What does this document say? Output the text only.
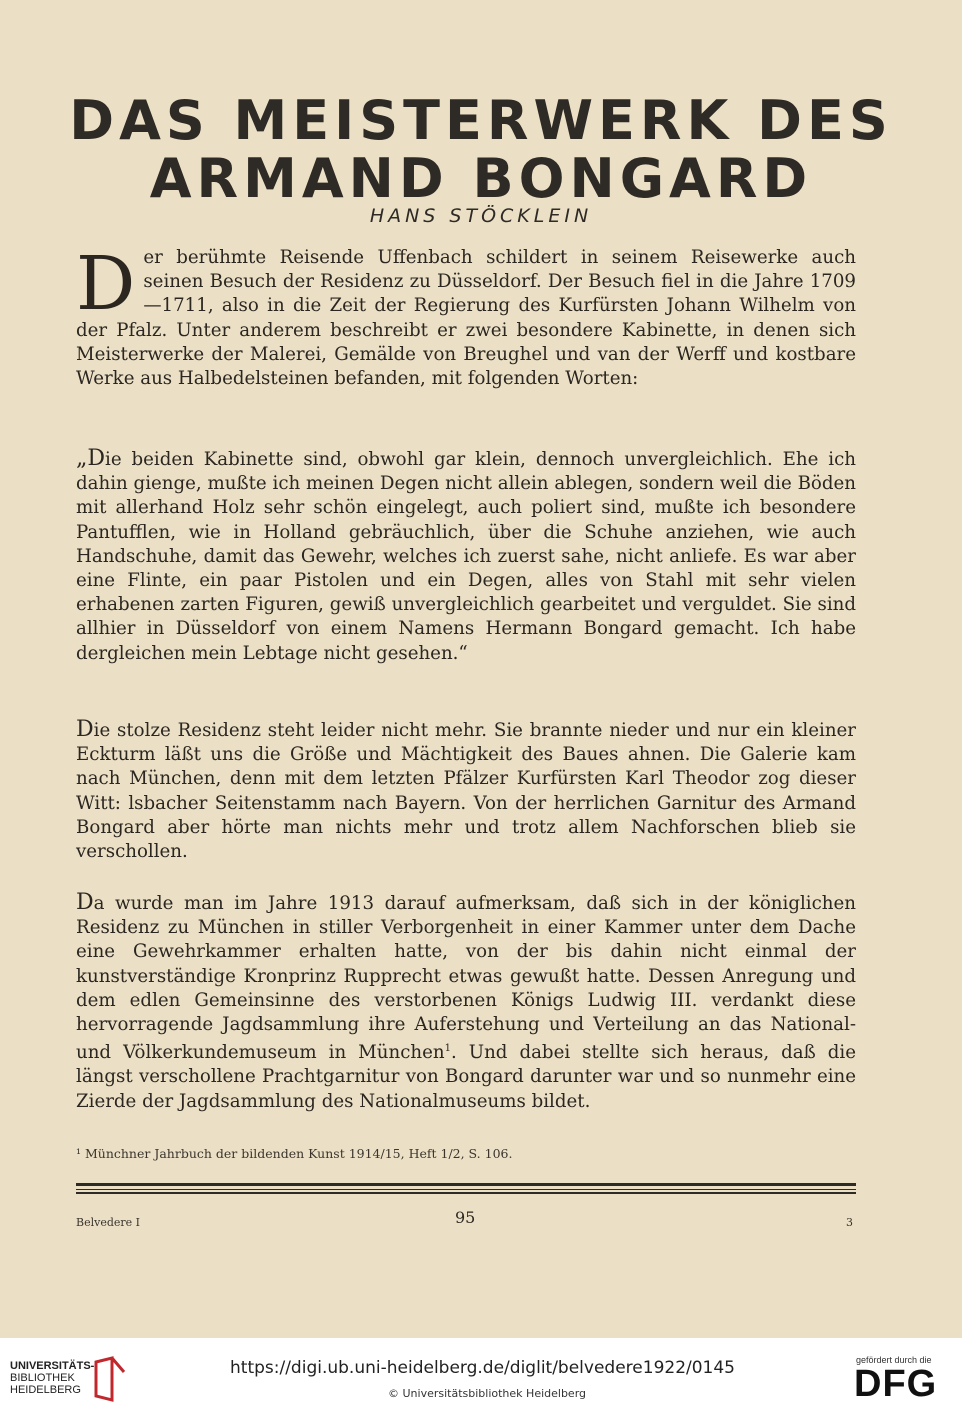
DAS MEISTERWERK DES
ARMAND BONGARD
HANS STÖCKLEIN
Der berühmte Reisende Uffenbach schildert in seinem Reisewerke auch seinen Besuch der Residenz zu Düsseldorf. Der Besuch fiel in die Jahre 1709—1711, also in die Zeit der Regierung des Kurfürsten Johann Wilhelm von der Pfalz. Unter anderem beschreibt er zwei besondere Kabinette, in denen sich Meisterwerke der Malerei, Gemälde von Breughel und van der Werff und kostbare Werke aus Halbedelsteinen befanden, mit folgenden Worten:
„Die beiden Kabinette sind, obwohl gar klein, dennoch unvergleichlich. Ehe ich dahin gienge, mußte ich meinen Degen nicht allein ablegen, sondern weil die Böden mit allerhand Holz sehr schön eingelegt, auch poliert sind, mußte ich besondere Pantufflen, wie in Holland gebräuchlich, über die Schuhe anziehen, wie auch Handschuhe, damit das Gewehr, welches ich zuerst sahe, nicht anliefe. Es war aber eine Flinte, ein paar Pistolen und ein Degen, alles von Stahl mit sehr vielen erhabenen zarten Figuren, gewiß unvergleichlich gearbeitet und verguldet. Sie sind allhier in Düsseldorf von einem Namens Hermann Bongard gemacht. Ich habe dergleichen mein Lebtage nicht gesehen.“
Die stolze Residenz steht leider nicht mehr. Sie brannte nieder und nur ein kleiner Eckturm läßt uns die Größe und Mächtigkeit des Baues ahnen. Die Galerie kam nach München, denn mit dem letzten Pfälzer Kurfürsten Karl Theodor zog dieser Witt: lsbacher Seitenstamm nach Bayern. Von der herrlichen Garnitur des Armand Bongard aber hörte man nichts mehr und trotz allem Nachforschen blieb sie verschollen.
Da wurde man im Jahre 1913 darauf aufmerksam, daß sich in der königlichen Residenz zu München in stiller Verborgenheit in einer Kammer unter dem Dache eine Gewehrkammer erhalten hatte, von der bis dahin nicht einmal der kunstverständige Kronprinz Rupprecht etwas gewußt hatte. Dessen Anregung und dem edlen Gemeinsinne des verstorbenen Königs Ludwig III. verdankt diese hervorragende Jagdsammlung ihre Auferstehung und Verteilung an das National- und Völkerkundemuseum in München$^1$. Und dabei stellte sich heraus, daß die längst verschollene Prachtgarnitur von Bongard darunter war und so nunmehr eine Zierde der Jagdsammlung des Nationalmuseums bildet.
¹ Münchner Jahrbuch der bildenden Kunst 1914/15, Heft 1/2, S. 106.
Belvedere I	95	3
UNIVERSITÄTS-
BIBLIOTHEK
HEIDELBERG
https://digi.ub.uni-heidelberg.de/diglit/belvedere1922/0145
© Universitätsbibliothek Heidelberg
gefördert durch die
DFG
